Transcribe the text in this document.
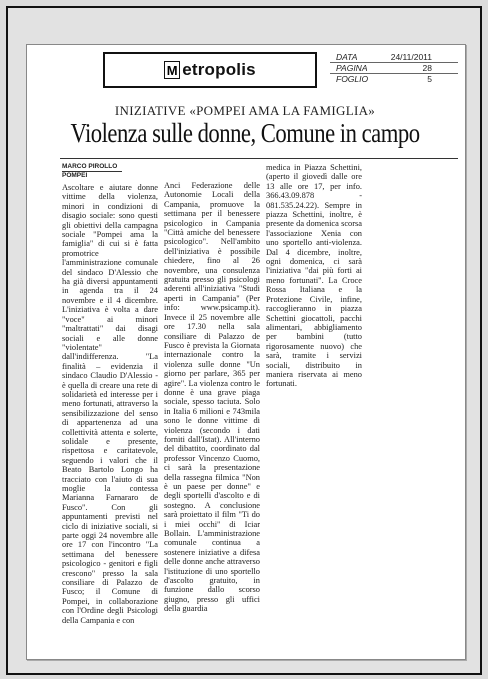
M etropolis
DATA	24/11/2011
PAGINA	28
FOGLIO	5
INIZIATIVE «POMPEI AMA LA FAMIGLIA»
Violenza sulle donne, Comune in campo
MARCO PIROLLO
POMPEI
Ascoltare e aiutare donne vittime della violenza, minori in condizioni di disagio sociale: sono questi gli obiettivi della campagna sociale "Pompei ama la famiglia" di cui si è fatta promotrice l'amministrazione comunale del sindaco D'Alessio che ha già diversi appuntamenti in agenda tra il 24 novembre e il 4 dicembre. L'iniziativa è volta a dare "voce" ai minori "maltrattati" dai disagi sociali e alle donne "violentate" dall'indifferenza. "La finalità – evidenzia il sindaco Claudio D'Alessio - è quella di creare una rete di solidarietà ed interesse per i meno fortunati, attraverso la sensibilizzazione del senso di appartenenza ad una collettività attenta e solerte, solidale e presente, rispettosa e caritatevole, seguendo i valori che il Beato Bartolo Longo ha tracciato con l'aiuto di sua moglie la contessa Marianna Farnararo de Fusco". Con gli appuntamenti previsti nel ciclo di iniziative sociali, si parte oggi 24 novembre alle ore 17 con l'incontro "La settimana del benessere psicologico - genitori e figli crescono" presso la sala consiliare di Palazzo de Fusco; il Comune di Pompei, in collaborazione con l'Ordine degli Psicologi della Campania e con
Anci Federazione delle Autonomie Locali della Campania, promuove la settimana per il benessere psicologico in Campania "Città amiche del benessere psicologico". Nell'ambito dell'iniziativa è possibile chiedere, fino al 26 novembre, una consulenza gratuita presso gli psicologi aderenti all'iniziativa "Studi aperti in Campania" (Per info: www.psicamp.it). Invece il 25 novembre alle ore 17.30 nella sala consiliare di Palazzo de Fusco è prevista la Giornata internazionale contro la violenza sulle donne "Un giorno per parlare, 365 per agire". La violenza contro le donne è una grave piaga sociale, spesso taciuta. Solo in Italia 6 milioni e 743mila sono le donne vittime di violenza (secondo i dati forniti dall'Istat). All'interno del dibattito, coordinato dal professor Vincenzo Cuomo, ci sarà la presentazione della rassegna filmica "Non è un paese per donne" e degli sportelli d'ascolto e di sostegno. A conclusione sarà proiettato il film "Ti do i miei occhi" di Iciar Bollain. L'amministrazione comunale continua a sostenere iniziative a difesa delle donne anche attraverso l'istituzione di uno sportello d'ascolto gratuito, in funzione dallo scorso giugno, presso gli uffici della guardia
medica in Piazza Schettini, (aperto il giovedì dalle ore 13 alle ore 17, per info. 366.43.09.878 - 081.535.24.22). Sempre in piazza Schettini, inoltre, è presente da domenica scorsa l'associazione Xenia con uno sportello anti-violenza. Dal 4 dicembre, inoltre, ogni domenica, ci sarà l'iniziativa "dai più forti ai meno fortunati". La Croce Rossa Italiana e la Protezione Civile, infine, raccoglieranno in piazza Schettini giocattoli, pacchi alimentari, abbigliamento per bambini (tutto rigorosamente nuovo) che sarà, tramite i servizi sociali, distribuito in maniera riservata ai meno fortunati.
